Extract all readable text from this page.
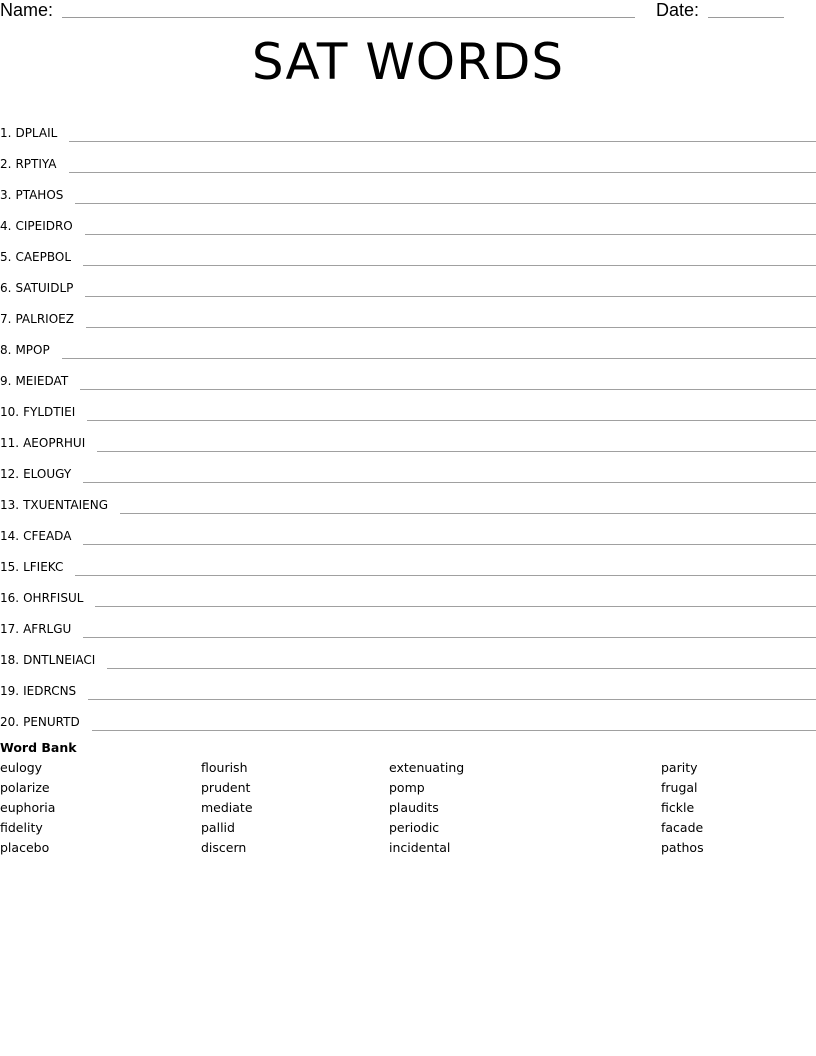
Name:	Date:
SAT WORDS
1. DPLAIL
2. RPTIYA
3. PTAHOS
4. CIPEIDRO
5. CAEPBOL
6. SATUIDLP
7. PALRIOEZ
8. MPOP
9. MEIEDAT
10. FYLDTIEI
11. AEOPRHUI
12. ELOUGY
13. TXUENTAIENG
14. CFEADA
15. LFIEKC
16. OHRFISUL
17. AFRLGU
18. DNTLNEIACI
19. IEDRCNS
20. PENURTD
Word Bank
eulogy
polarize
euphoria
fidelity
placebo
flourish
prudent
mediate
pallid
discern
extenuating
pomp
plaudits
periodic
incidental
parity
frugal
fickle
facade
pathos
